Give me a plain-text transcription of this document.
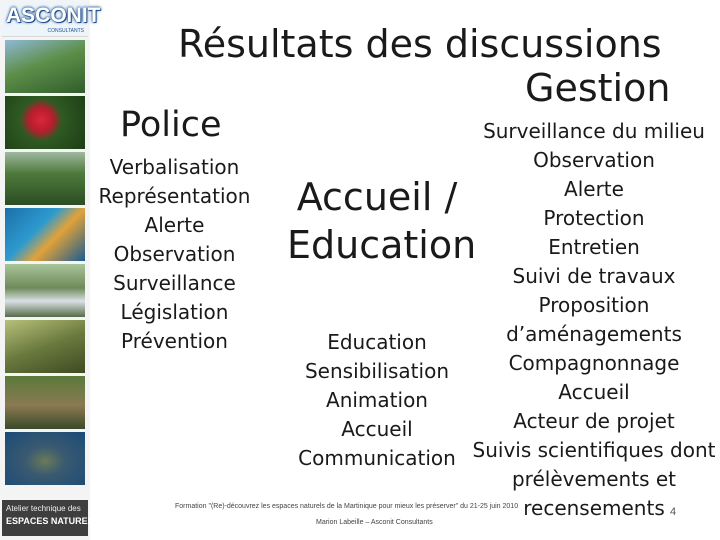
ASCONIT
CONSULTANTS
Atelier technique des
ESPACES NATURELS
Résultats des discussions
Gestion
Police
Accueil /
Education
Verbalisation
Représentation
Alerte
Observation
Surveillance
Législation
Prévention	Education
Sensibilisation
Animation
Accueil
Communication
Surveillance du milieu
Observation
Alerte
Protection
Entretien
Suivi de travaux
Proposition
d’aménagements
Compagnonnage
Accueil
Acteur de projet
Suivis scientifiques dont
prélèvements et
recensements
Formation "(Re)-découvrez les espaces naturels de la Martinique pour mieux les préserver" du 21-25 juin 2010
Marion Labeille – Asconit Consultants
4
